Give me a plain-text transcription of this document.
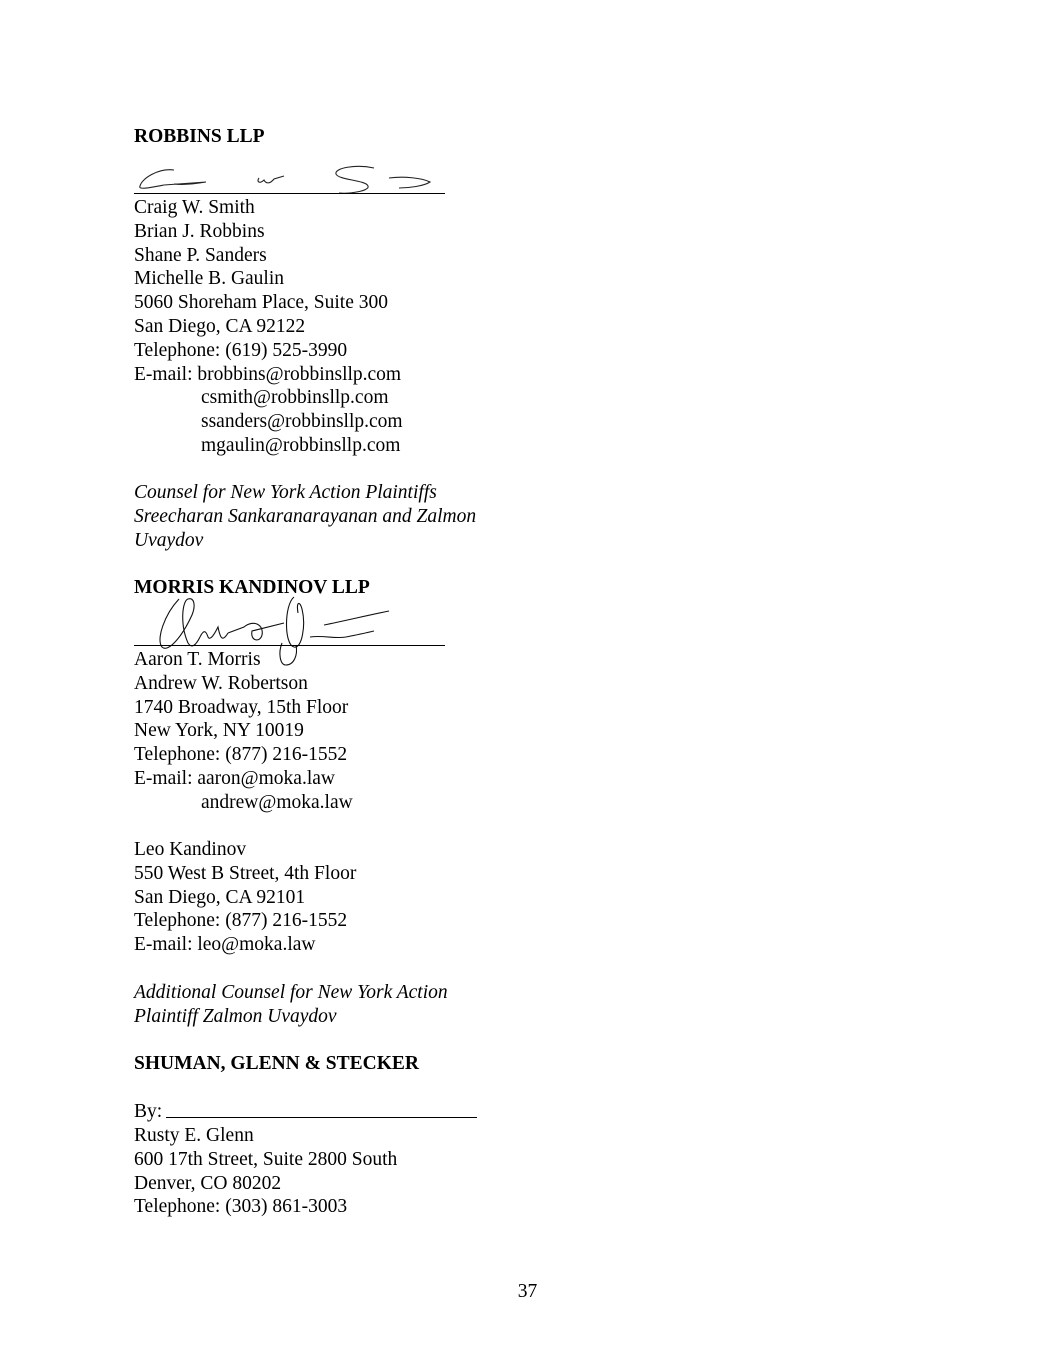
ROBBINS LLP
Craig W. Smith
Brian J. Robbins
Shane P. Sanders
Michelle B. Gaulin
5060 Shoreham Place, Suite 300
San Diego, CA 92122
Telephone: (619) 525-3990
E-mail: brobbins@robbinsllp.com
csmith@robbinsllp.com
ssanders@robbinsllp.com
mgaulin@robbinsllp.com
Counsel for New York Action Plaintiffs
Sreecharan Sankaranarayanan and Zalmon
Uvaydov
MORRIS KANDINOV LLP
Aaron T. Morris
Andrew W. Robertson
1740 Broadway, 15th Floor
New York, NY 10019
Telephone: (877) 216-1552
E-mail: aaron@moka.law
andrew@moka.law
Leo Kandinov
550 West B Street, 4th Floor
San Diego, CA 92101
Telephone: (877) 216-1552
E-mail: leo@moka.law
Additional Counsel for New York Action
Plaintiff Zalmon Uvaydov
SHUMAN, GLENN & STECKER
By:
Rusty E. Glenn
600 17th Street, Suite 2800 South
Denver, CO 80202
Telephone: (303) 861-3003
37
